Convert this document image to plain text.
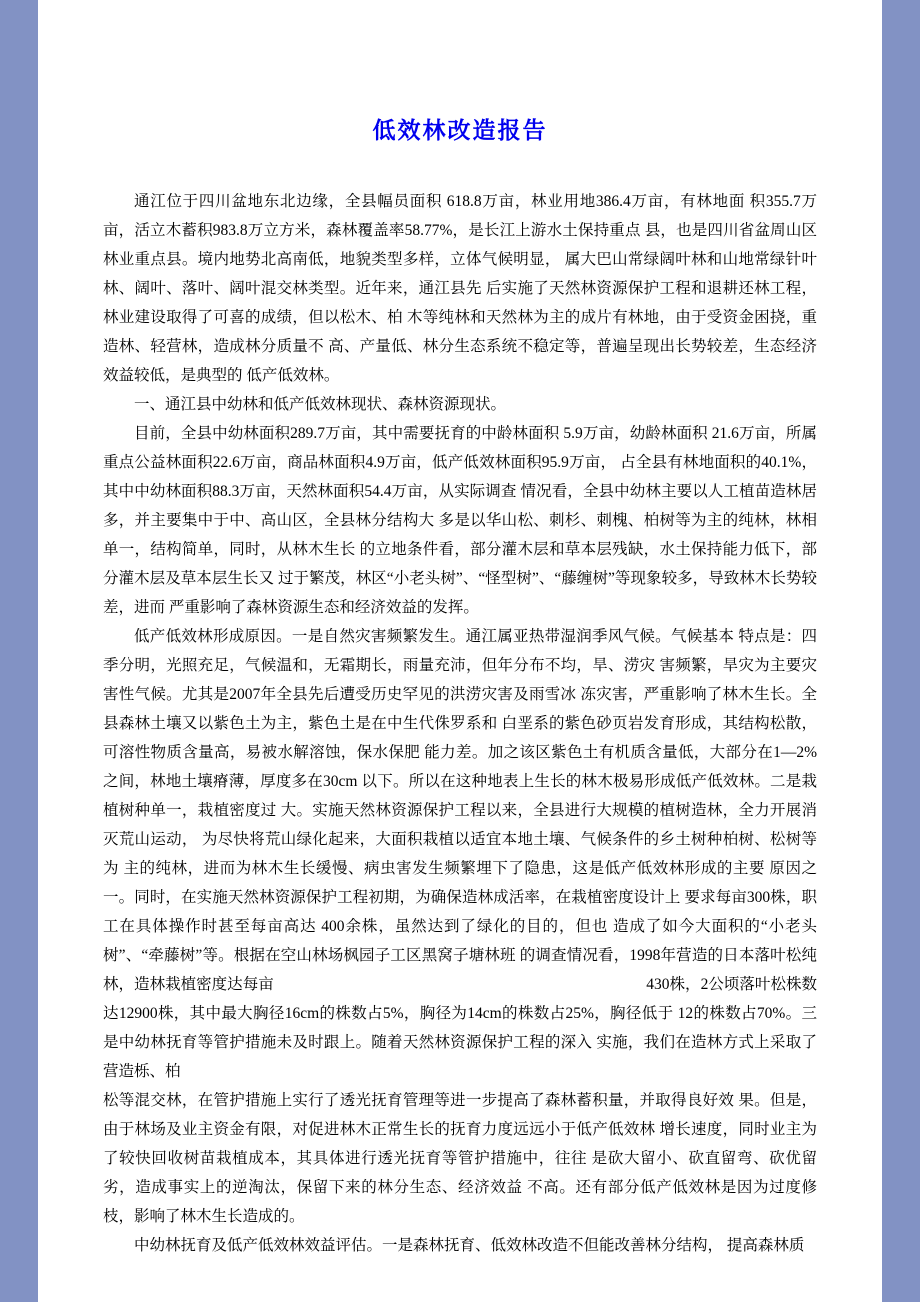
低效林改造报告

通江位于四川盆地东北边缘，全县幅员面积 618.8万亩，林业用地386.4万亩，有林地面 积355.7万亩，活立木蓄积983.8万立方米，森林覆盖率58.77%，是长江上游水土保持重点 县，也是四川省盆周山区林业重点县。境内地势北高南低，地貌类型多样，立体气候明显， 属大巴山常绿阔叶林和山地常绿针叶林、阔叶、落叶、阔叶混交林类型。近年来，通江县先 后实施了天然林资源保护工程和退耕还林工程，林业建设取得了可喜的成绩，但以松木、柏 木等纯林和天然林为主的成片有林地，由于受资金困挠，重造林、轻营林，造成林分质量不 高、产量低、林分生态系统不稳定等，普遍呈现出长势较差，生态经济效益较低，是典型的 低产低效林。

一、通江县中幼林和低产低效林现状、森林资源现状。

目前，全县中幼林面积289.7万亩，其中需要抚育的中龄林面积 5.9万亩，幼龄林面积 21.6万亩，所属重点公益林面积22.6万亩，商品林面积4.9万亩，低产低效林面积95.9万亩， 占全县有林地面积的40.1%，其中中幼林面积88.3万亩，天然林面积54.4万亩，从实际调查 情况看，全县中幼林主要以人工植苗造林居多，并主要集中于中、高山区，全县林分结构大 多是以华山松、刺杉、刺槐、柏树等为主的纯林，林相单一，结构简单，同时，从林木生长 的立地条件看，部分灌木层和草本层残缺，水土保持能力低下，部分灌木层及草本层生长又 过于繁茂，林区“小老头树”、“怪型树”、“藤缠树”等现象较多，导致林木长势较差，进而 严重影响了森林资源生态和经济效益的发挥。

低产低效林形成原因。一是自然灾害频繁发生。通江属亚热带湿润季风气候。气候基本 特点是：四季分明，光照充足，气候温和，无霜期长，雨量充沛，但年分布不均，旱、涝灾 害频繁，旱灾为主要灾害性气候。尤其是2007年全县先后遭受历史罕见的洪涝灾害及雨雪冰 冻灾害，严重影响了林木生长。全县森林土壤又以紫色土为主，紫色土是在中生代侏罗系和 白垩系的紫色砂页岩发育形成，其结构松散，可溶性物质含量高，易被水解溶蚀，保水保肥 能力差。加之该区紫色土有机质含量低，大部分在1—2%之间，林地土壤瘠薄，厚度多在30cm 以下。所以在这种地表上生长的林木极易形成低产低效林。二是栽植树种单一，栽植密度过 大。实施天然林资源保护工程以来，全县进行大规模的植树造林，全力开展消灭荒山运动， 为尽快将荒山绿化起来，大面积栽植以适宜本地土壤、气候条件的乡土树种柏树、松树等为 主的纯林，进而为林木生长缓慢、病虫害发生频繁埋下了隐患，这是低产低效林形成的主要 原因之一。同时，在实施天然林资源保护工程初期，为确保造林成活率，在栽植密度设计上 要求每亩300株，职工在具体操作时甚至每亩高达 400余株，虽然达到了绿化的目的，但也 造成了如今大面积的“小老头树”、“牵藤树”等。根据在空山林场枫园子工区黑窝子塘林班 的调查情况看，1998年营造的日本落叶松纯林，造林栽植密度达每亩　　　　　　　　　　　　　　　　　　　　　　　　430株，2公顷落叶松株数达12900株，其中最大胸径16cm的株数占5%，胸径为14cm的株数占25%，胸径低于 12的株数占70%。三是中幼林抚育等管护措施未及时跟上。随着天然林资源保护工程的深入 实施，我们在造林方式上采取了营造栎、柏

松等混交林，在管护措施上实行了透光抚育管理等进一步提高了森林蓄积量，并取得良好效 果。但是，由于林场及业主资金有限，对促进林木正常生长的抚育力度远远小于低产低效林 增长速度，同时业主为了较快回收树苗栽植成本，其具体进行透光抚育等管护措施中，往往 是砍大留小、砍直留弯、砍优留劣，造成事实上的逆淘汰，保留下来的林分生态、经济效益 不高。还有部分低产低效林是因为过度修枝，影响了林木生长造成的。

中幼林抚育及低产低效林效益评估。一是森林抚育、低效林改造不但能改善林分结构， 提高森林质
